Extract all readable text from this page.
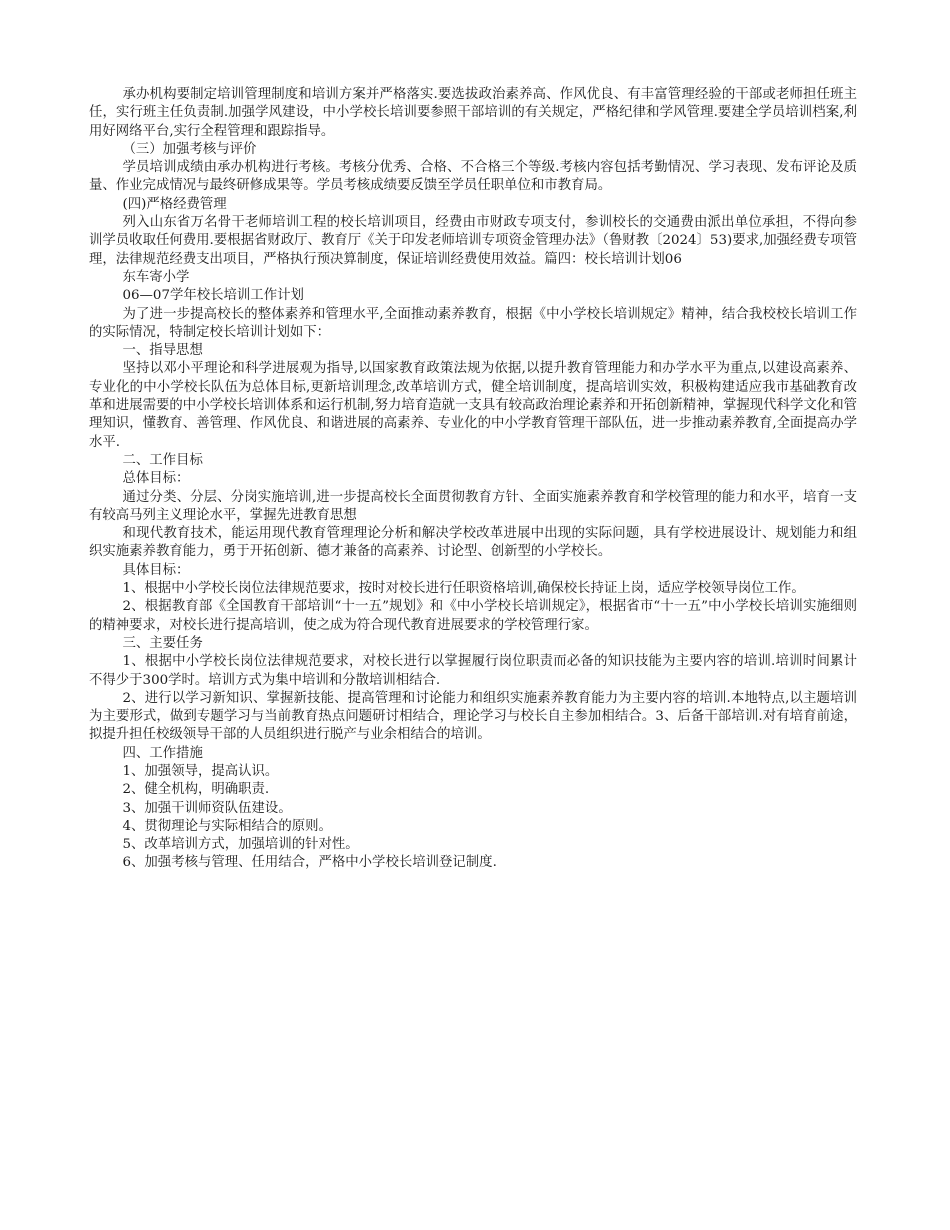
承办机构要制定培训管理制度和培训方案并严格落实.要选拔政治素养高、作风优良、有丰富管理经验的干部或老师担任班主任，实行班主任负责制.加强学风建设，中小学校长培训要参照干部培训的有关规定，严格纪律和学风管理.要建全学员培训档案,利用好网络平台,实行全程管理和跟踪指导。

（三）加强考核与评价

学员培训成绩由承办机构进行考核。考核分优秀、合格、不合格三个等级.考核内容包括考勤情况、学习表现、发布评论及质量、作业完成情况与最终研修成果等。学员考核成绩要反馈至学员任职单位和市教育局。

(四)严格经费管理

列入山东省万名骨干老师培训工程的校长培训项目，经费由市财政专项支付，参训校长的交通费由派出单位承担，不得向参训学员收取任何费用.要根据省财政厅、教育厅《关于印发老师培训专项资金管理办法》（鲁财教〔2024〕53)要求,加强经费专项管理，法律规范经费支出项目，严格执行预决算制度，保证培训经费使用效益。篇四：校长培训计划06

东车寄小学

06—07学年校长培训工作计划

为了进一步提高校长的整体素养和管理水平,全面推动素养教育，根据《中小学校长培训规定》精神，结合我校校长培训工作的实际情况，特制定校长培训计划如下：

一、指导思想

坚持以邓小平理论和科学进展观为指导,以国家教育政策法规为依据,以提升教育管理能力和办学水平为重点,以建设高素养、专业化的中小学校长队伍为总体目标,更新培训理念,改革培训方式，健全培训制度，提高培训实效，积极构建适应我市基础教育改革和进展需要的中小学校长培训体系和运行机制,努力培育造就一支具有较高政治理论素养和开拓创新精神，掌握现代科学文化和管理知识，懂教育、善管理、作风优良、和谐进展的高素养、专业化的中小学教育管理干部队伍，进一步推动素养教育,全面提高办学水平.

二、工作目标

总体目标：

通过分类、分层、分岗实施培训,进一步提高校长全面贯彻教育方针、全面实施素养教育和学校管理的能力和水平，培育一支有较高马列主义理论水平，掌握先进教育思想

和现代教育技术，能运用现代教育管理理论分析和解决学校改革进展中出现的实际问题，具有学校进展设计、规划能力和组织实施素养教育能力，勇于开拓创新、德才兼备的高素养、讨论型、创新型的小学校长。

具体目标：

1、根据中小学校长岗位法律规范要求，按时对校长进行任职资格培训,确保校长持证上岗，适应学校领导岗位工作。

2、根据教育部《全国教育干部培训“十一五”规划》和《中小学校长培训规定》，根据省市“十一五”中小学校长培训实施细则的精神要求，对校长进行提高培训，使之成为符合现代教育进展要求的学校管理行家。

三、主要任务

1、根据中小学校长岗位法律规范要求，对校长进行以掌握履行岗位职责而必备的知识技能为主要内容的培训.培训时间累计不得少于300学时。培训方式为集中培训和分散培训相结合.

2、进行以学习新知识、掌握新技能、提高管理和讨论能力和组织实施素养教育能力为主要内容的培训.本地特点,以主题培训为主要形式，做到专题学习与当前教育热点问题研讨相结合，理论学习与校长自主参加相结合。3、后备干部培训.对有培育前途，拟提升担任校级领导干部的人员组织进行脱产与业余相结合的培训。

四、工作措施

1、加强领导，提高认识。

2、健全机构，明确职责.

3、加强干训师资队伍建设。

4、贯彻理论与实际相结合的原则。

5、改革培训方式，加强培训的针对性。

6、加强考核与管理、任用结合，严格中小学校长培训登记制度.
